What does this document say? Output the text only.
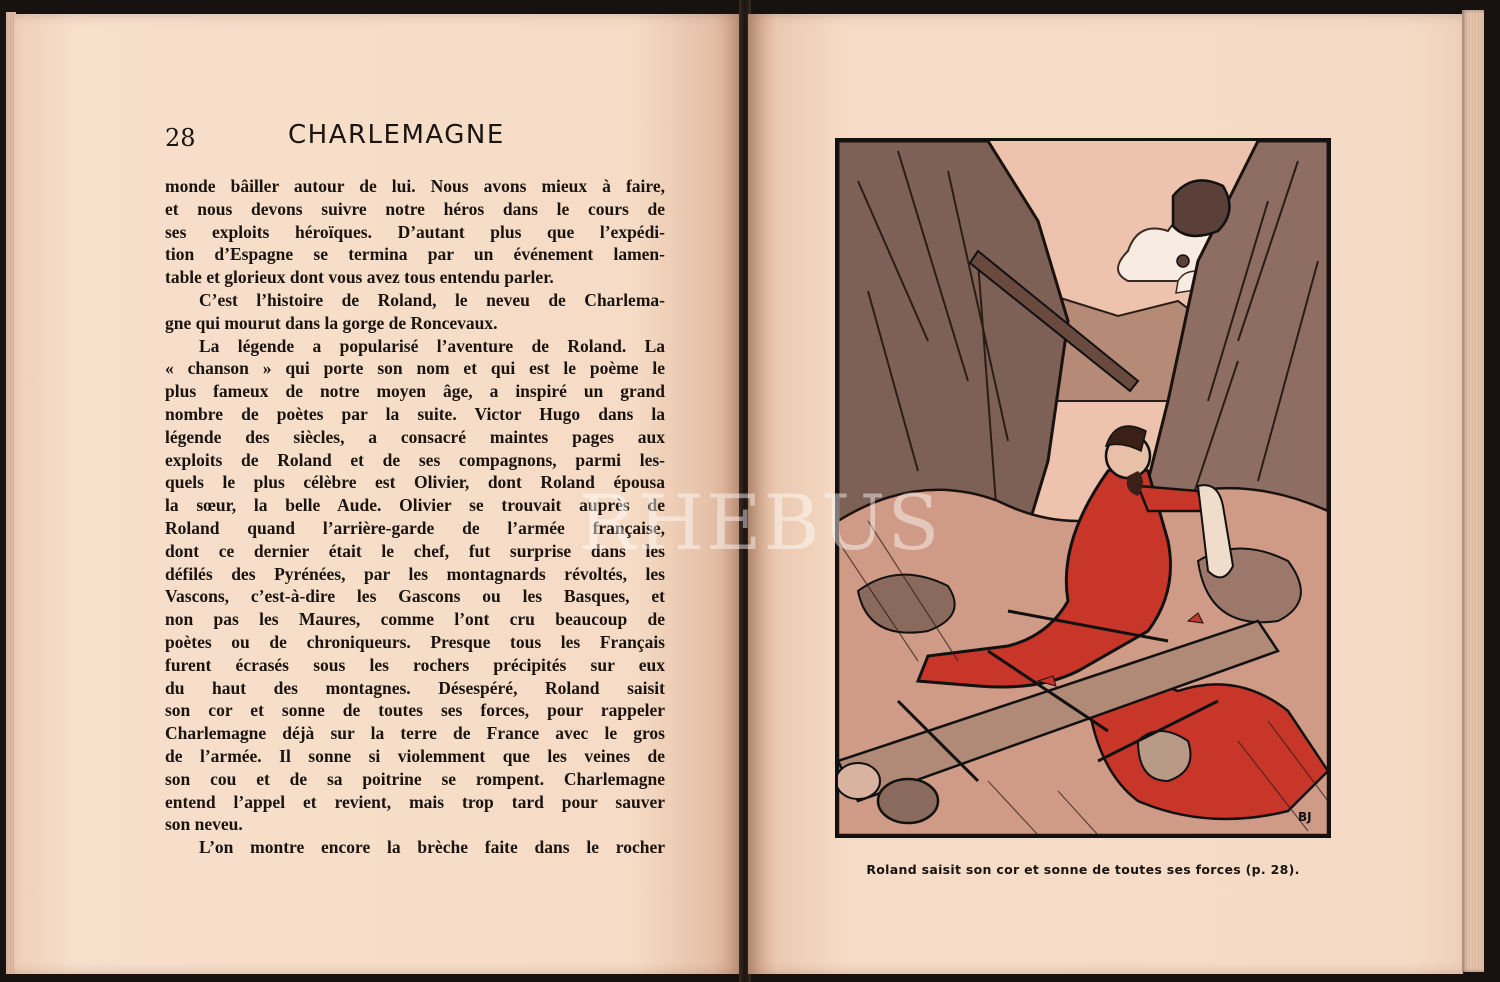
28	CHARLEMAGNE
monde bâiller autour de lui. Nous avons mieux à faire,
et nous devons suivre notre héros dans le cours de
ses exploits héroïques. D’autant plus que l’expédi-
tion d’Espagne se termina par un événement lamen-
table et glorieux dont vous avez tous entendu parler.
C’est l’histoire de Roland, le neveu de Charlema-
gne qui mourut dans la gorge de Roncevaux.
La légende a popularisé l’aventure de Roland. La
« chanson » qui porte son nom et qui est le poème le
plus fameux de notre moyen âge, a inspiré un grand
nombre de poètes par la suite. Victor Hugo dans la
légende des siècles, a consacré maintes pages aux
exploits de Roland et de ses compagnons, parmi les-
quels le plus célèbre est Olivier, dont Roland épousa
la sœur, la belle Aude. Olivier se trouvait auprès de
Roland quand l’arrière-garde de l’armée française,
dont ce dernier était le chef, fut surprise dans les
défilés des Pyrénées, par les montagnards révoltés, les
Vascons, c’est-à-dire les Gascons ou les Basques, et
non pas les Maures, comme l’ont cru beaucoup de
poètes ou de chroniqueurs. Presque tous les Français
furent écrasés sous les rochers précipités sur eux
du haut des montagnes. Désespéré, Roland saisit
son cor et sonne de toutes ses forces, pour rappeler
Charlemagne déjà sur la terre de France avec le gros
de l’armée. Il sonne si violemment que les veines de
son cou et de sa poitrine se rompent. Charlemagne
entend l’appel et revient, mais trop tard pour sauver
son neveu.
L’on montre encore la brèche faite dans le rocher
BJ
Roland saisit son cor et sonne de toutes ses forces (p. 28).
RHEBUS
